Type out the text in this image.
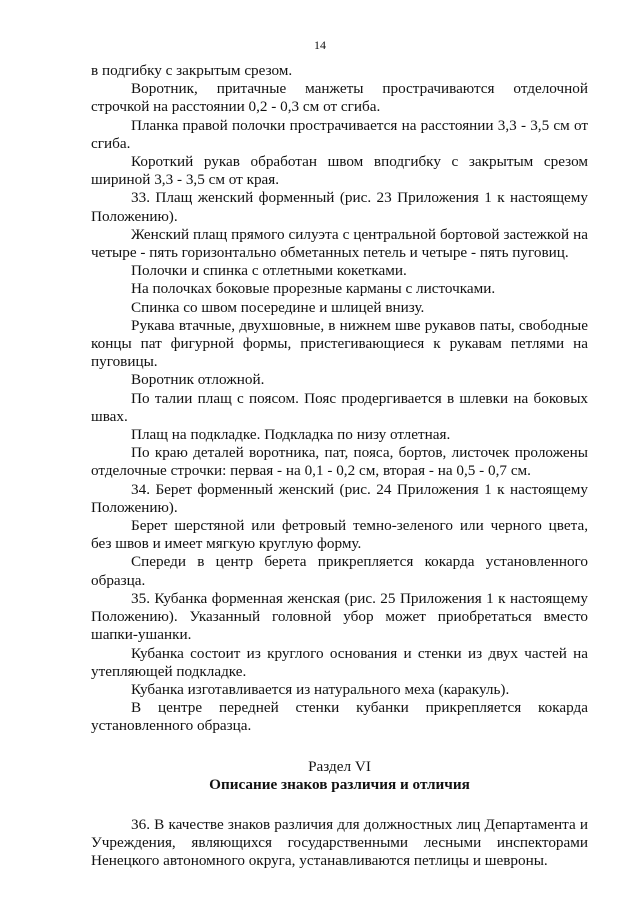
14

в подгибку с закрытым срезом.

Воротник, притачные манжеты прострачиваются отделочной строчкой на расстоянии 0,2 - 0,3 см от сгиба.

Планка правой полочки прострачивается на расстоянии 3,3 - 3,5 см от сгиба.

Короткий рукав обработан швом вподгибку с закрытым срезом шириной 3,3 - 3,5 см от края.

33. Плащ женский форменный (рис. 23 Приложения 1 к настоящему Положению).

Женский плащ прямого силуэта с центральной бортовой застежкой на четыре - пять горизонтально обметанных петель и четыре - пять пуговиц.

Полочки и спинка с отлетными кокетками.

На полочках боковые прорезные карманы с листочками.

Спинка со швом посередине и шлицей внизу.

Рукава втачные, двухшовные, в нижнем шве рукавов паты, свободные концы пат фигурной формы, пристегивающиеся к рукавам петлями на пуговицы.

Воротник отложной.

По талии плащ с поясом. Пояс продергивается в шлевки на боковых швах.

Плащ на подкладке. Подкладка по низу отлетная.

По краю деталей воротника, пат, пояса, бортов, листочек проложены отделочные строчки: первая - на 0,1 - 0,2 см, вторая - на 0,5 - 0,7 см.

34. Берет форменный женский (рис. 24 Приложения 1 к настоящему Положению).

Берет шерстяной или фетровый темно-зеленого или черного цвета, без швов и имеет мягкую круглую форму.

Спереди в центр берета прикрепляется кокарда установленного образца.

35. Кубанка форменная женская (рис. 25 Приложения 1 к настоящему Положению). Указанный головной убор может приобретаться вместо шапки-ушанки.

Кубанка состоит из круглого основания и стенки из двух частей на утепляющей подкладке.

Кубанка изготавливается из натурального меха (каракуль).

В центре передней стенки кубанки прикрепляется кокарда установленного образца.

Раздел VI
Описание знаков различия и отличия

36. В качестве знаков различия для должностных лиц Департамента и Учреждения, являющихся государственными лесными инспекторами Ненецкого автономного округа, устанавливаются петлицы и шевроны.
